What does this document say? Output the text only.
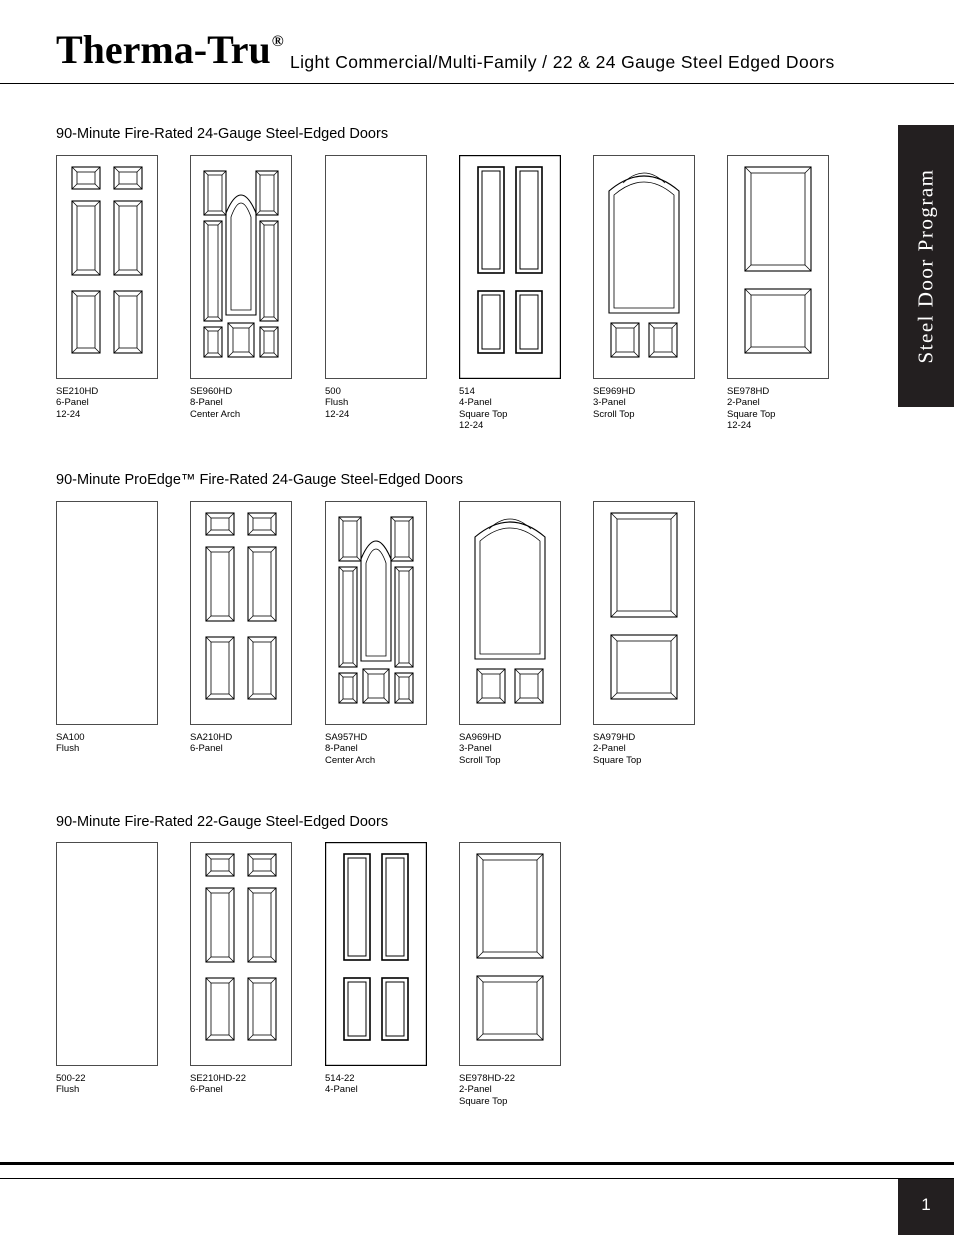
Therma-Tru®
Light Commercial/Multi-Family / 22 & 24 Gauge Steel Edged Doors
Steel Door Program
90-Minute Fire-Rated 24-Gauge Steel-Edged Doors
90-Minute ProEdge™ Fire-Rated 24-Gauge Steel-Edged Doors
90-Minute Fire-Rated 22-Gauge Steel-Edged Doors
SE210HD
6-Panel
12-24
SE960HD
8-Panel
Center Arch
500
Flush
12-24
514
4-Panel
Square Top
12-24
SE969HD
3-Panel
Scroll Top
SE978HD
2-Panel
Square Top
12-24
SA100
Flush
SA210HD
6-Panel
SA957HD
8-Panel
Center Arch
SA969HD
3-Panel
Scroll Top
SA979HD
2-Panel
Square Top
500-22
Flush
SE210HD-22
6-Panel
514-22
4-Panel
SE978HD-22
2-Panel
Square Top
1
